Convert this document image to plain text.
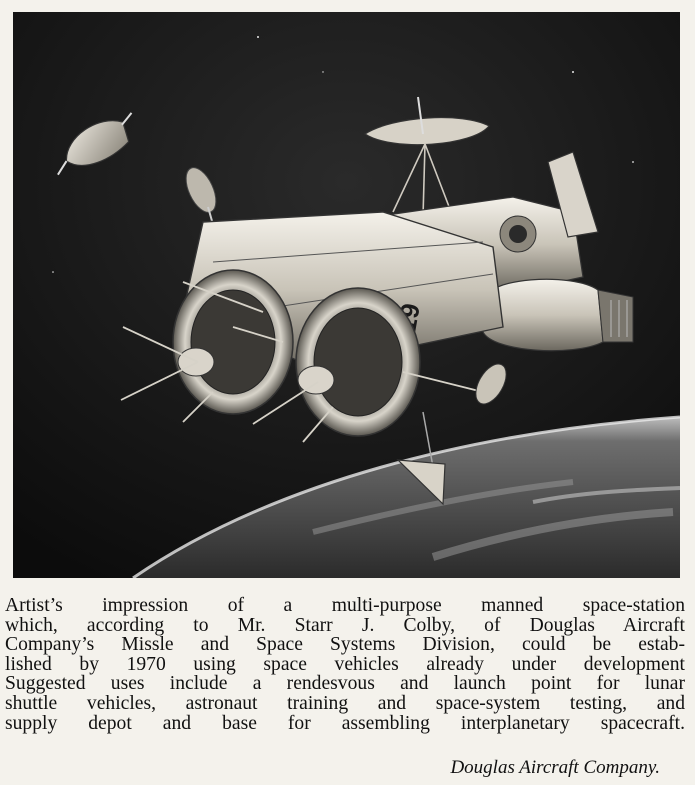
Artist’s impression of a multi-purpose manned space-station
which, according to Mr. Starr J. Colby, of Douglas Aircraft
Company’s Missle and Space Systems Division, could be estab-
lished by 1970 using space vehicles already under development
Suggested uses include a rendesvous and launch point for lunar
shuttle vehicles, astronaut training and space-system testing, and
supply depot and base for assembling interplanetary spacecraft.
Douglas Aircraft Company.
